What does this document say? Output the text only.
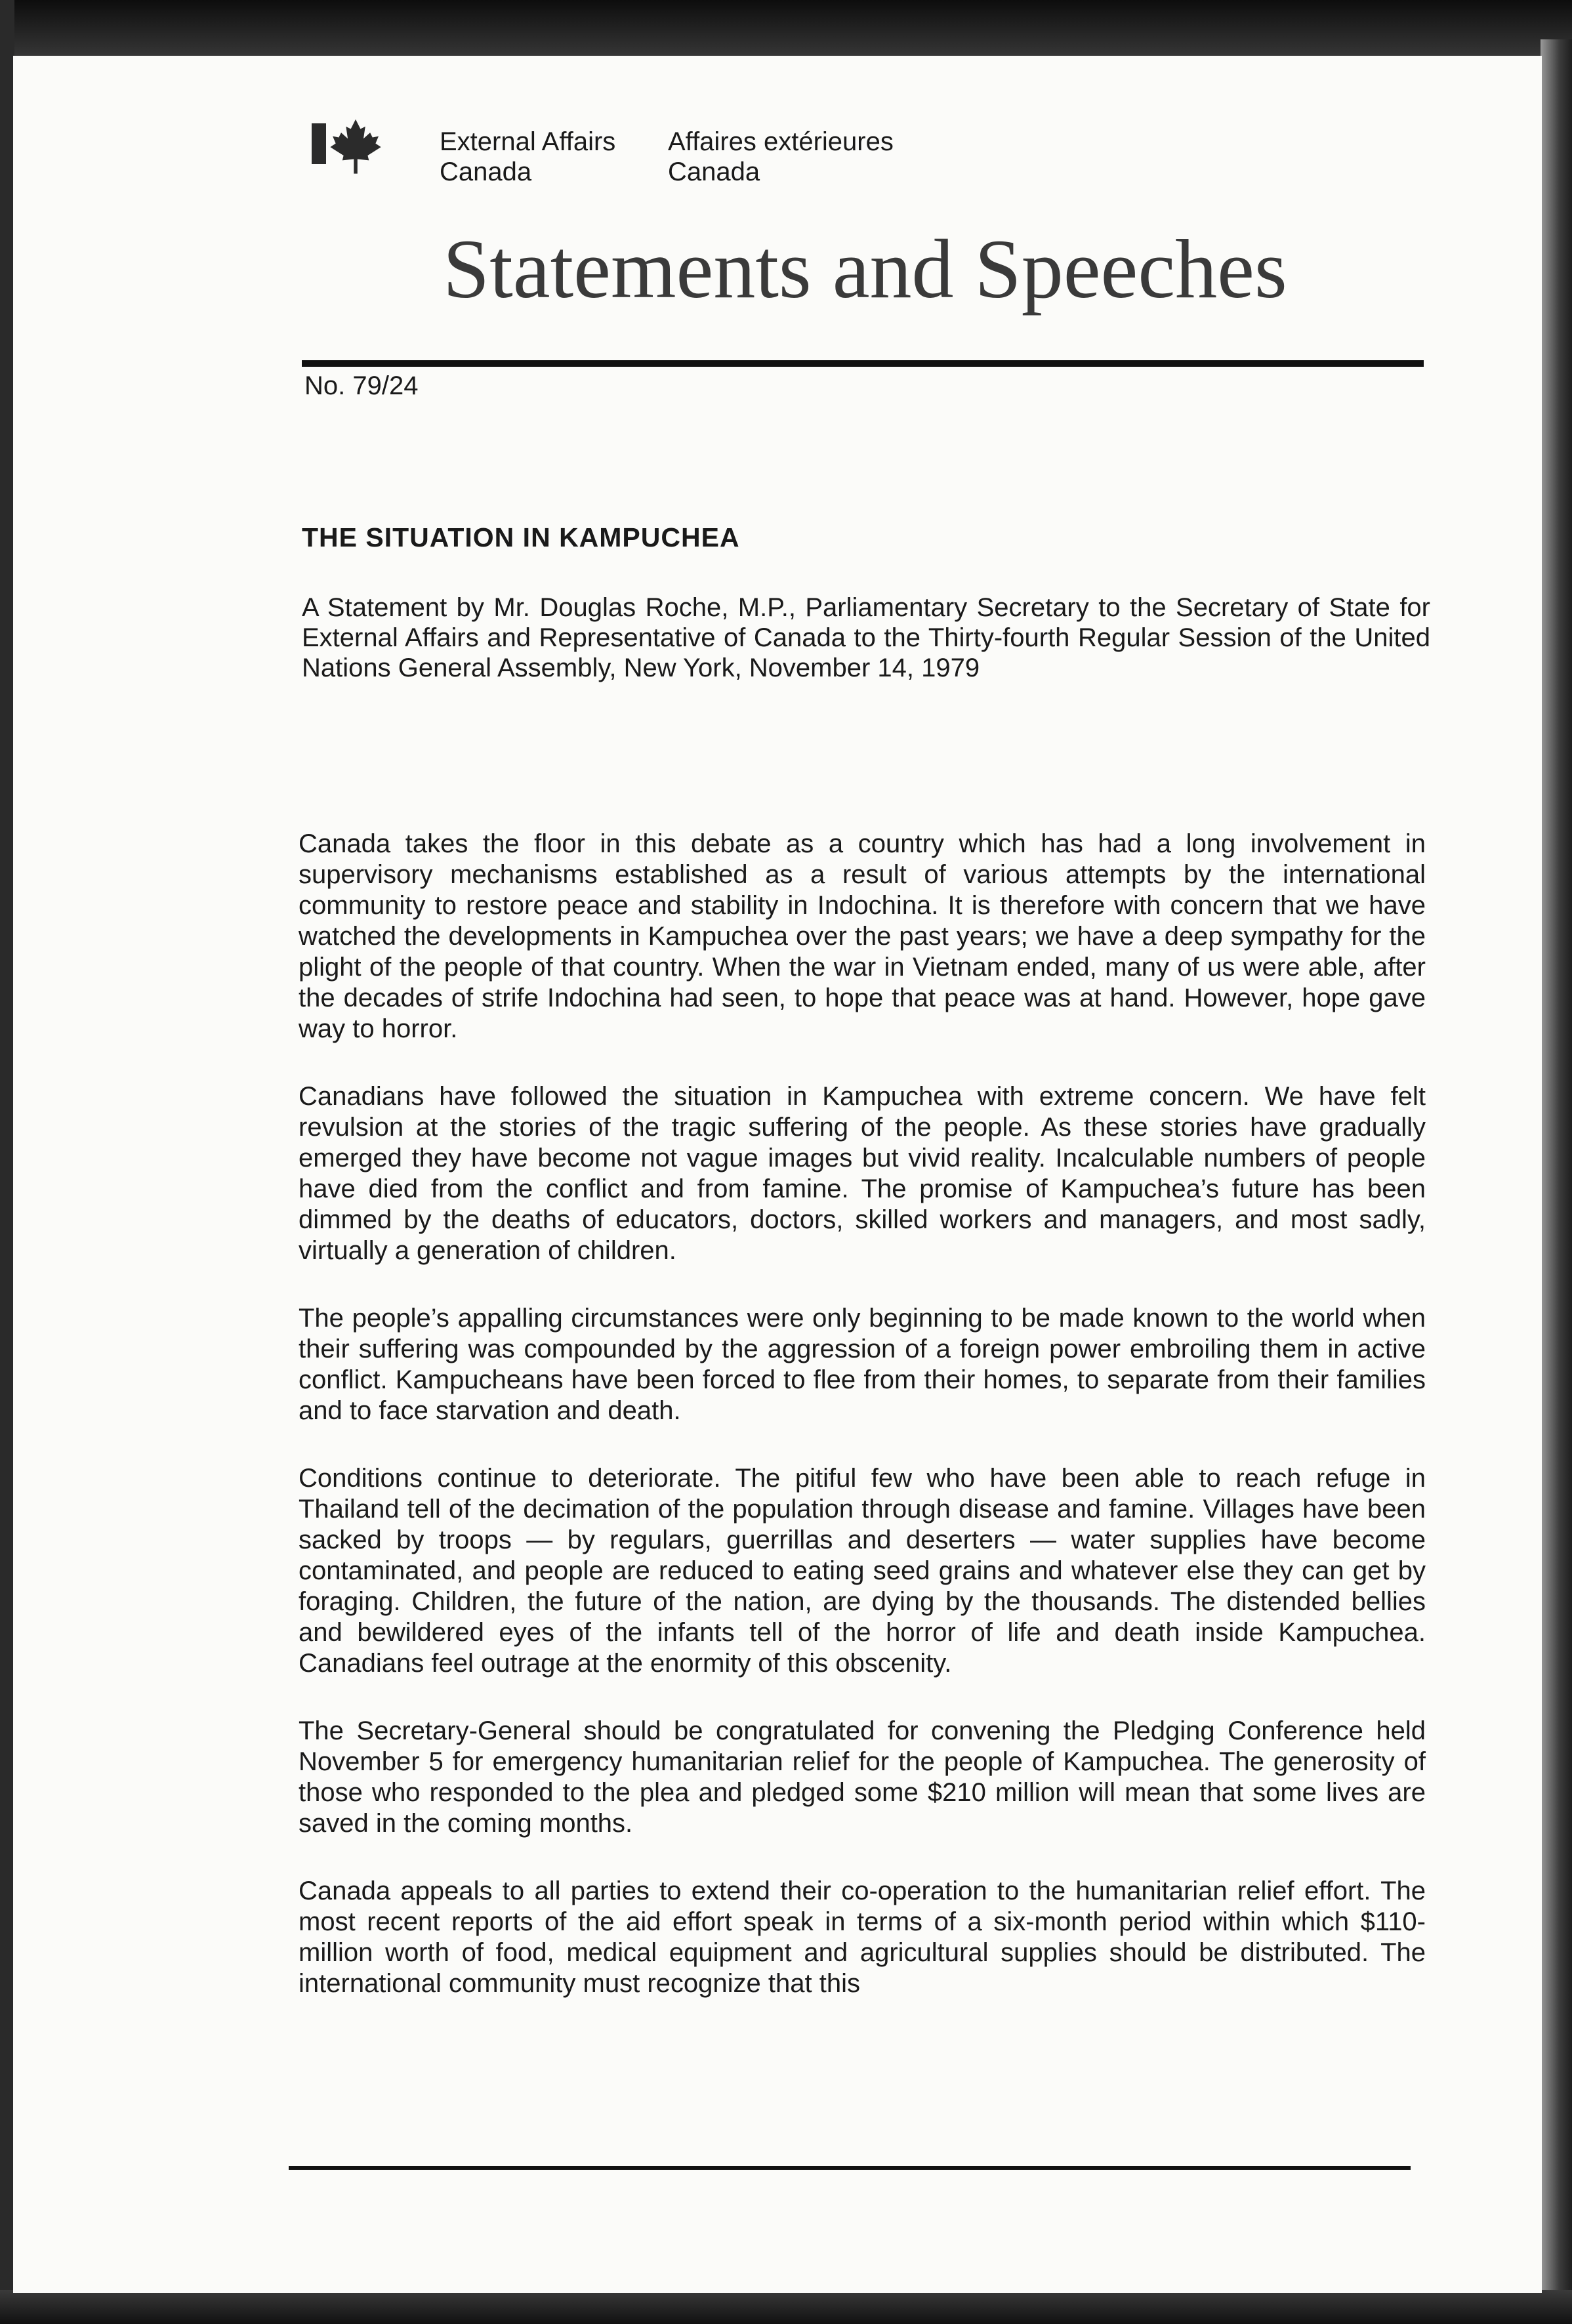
External Affairs

Canada

Affaires extérieures

Canada

Statements and Speeches

No. 79/24

THE SITUATION IN KAMPUCHEA

A Statement by Mr. Douglas Roche, M.P., Parliamentary Secretary to the Secretary of State for External Affairs and Representative of Canada to the Thirty-fourth Regular Session of the United Nations General Assembly, New York, November 14, 1979

Canada takes the floor in this debate as a country which has had a long involvement in supervisory mechanisms established as a result of various attempts by the international community to restore peace and stability in Indochina. It is therefore with concern that we have watched the developments in Kampuchea over the past years; we have a deep sympathy for the plight of the people of that country. When the war in Vietnam ended, many of us were able, after the decades of strife Indochina had seen, to hope that peace was at hand. However, hope gave way to horror.

Canadians have followed the situation in Kampuchea with extreme concern. We have felt revulsion at the stories of the tragic suffering of the people. As these stories have gradually emerged they have become not vague images but vivid reality. Incalculable numbers of people have died from the conflict and from famine. The promise of Kampuchea’s future has been dimmed by the deaths of educators, doctors, skilled workers and managers, and most sadly, virtually a generation of children.

The people’s appalling circumstances were only beginning to be made known to the world when their suffering was compounded by the aggression of a foreign power embroiling them in active conflict. Kampucheans have been forced to flee from their homes, to separate from their families and to face starvation and death.

Conditions continue to deteriorate. The pitiful few who have been able to reach refuge in Thailand tell of the decimation of the population through disease and famine. Villages have been sacked by troops — by regulars, guerrillas and deserters — water supplies have become contaminated, and people are reduced to eating seed grains and whatever else they can get by foraging. Children, the future of the nation, are dying by the thousands. The distended bellies and bewildered eyes of the infants tell of the horror of life and death inside Kampuchea. Canadians feel outrage at the enormity of this obscenity.

The Secretary-General should be congratulated for convening the Pledging Conference held November 5 for emergency humanitarian relief for the people of Kampuchea. The generosity of those who responded to the plea and pledged some $210 million will mean that some lives are saved in the coming months.

Canada appeals to all parties to extend their co-operation to the humanitarian relief effort. The most recent reports of the aid effort speak in terms of a six-month period within which $110-million worth of food, medical equipment and agricultural supplies should be distributed. The international community must recognize that this
